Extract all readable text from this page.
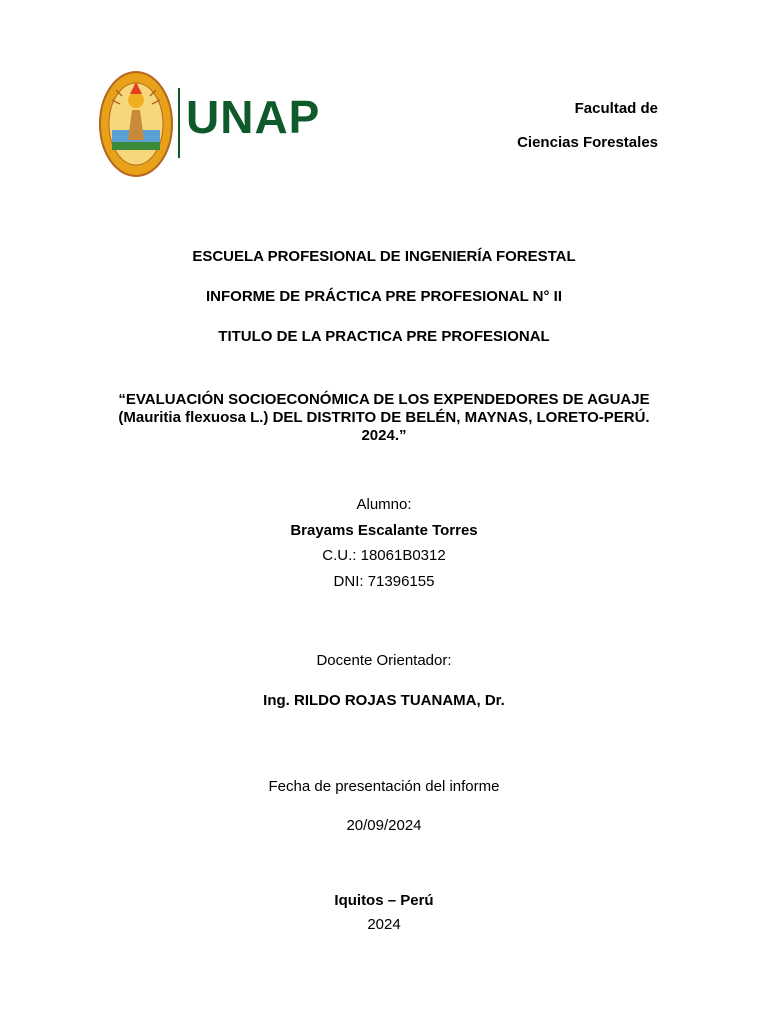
UNAP	Facultad de
Ciencias Forestales
ESCUELA PROFESIONAL DE INGENIERÍA FORESTAL
INFORME DE PRÁCTICA PRE PROFESIONAL N° II
TITULO DE LA PRACTICA PRE PROFESIONAL
“EVALUACIÓN SOCIOECONÓMICA DE LOS EXPENDEDORES DE AGUAJE
(Mauritia flexuosa L.) DEL DISTRITO DE BELÉN, MAYNAS, LORETO-PERÚ.
2024.”
Alumno:
Brayams Escalante Torres
C.U.: 18061B0312
DNI: 71396155
Docente Orientador:
Ing. RILDO ROJAS TUANAMA, Dr.
Fecha de presentación del informe
20/09/2024
Iquitos – Perú
2024
